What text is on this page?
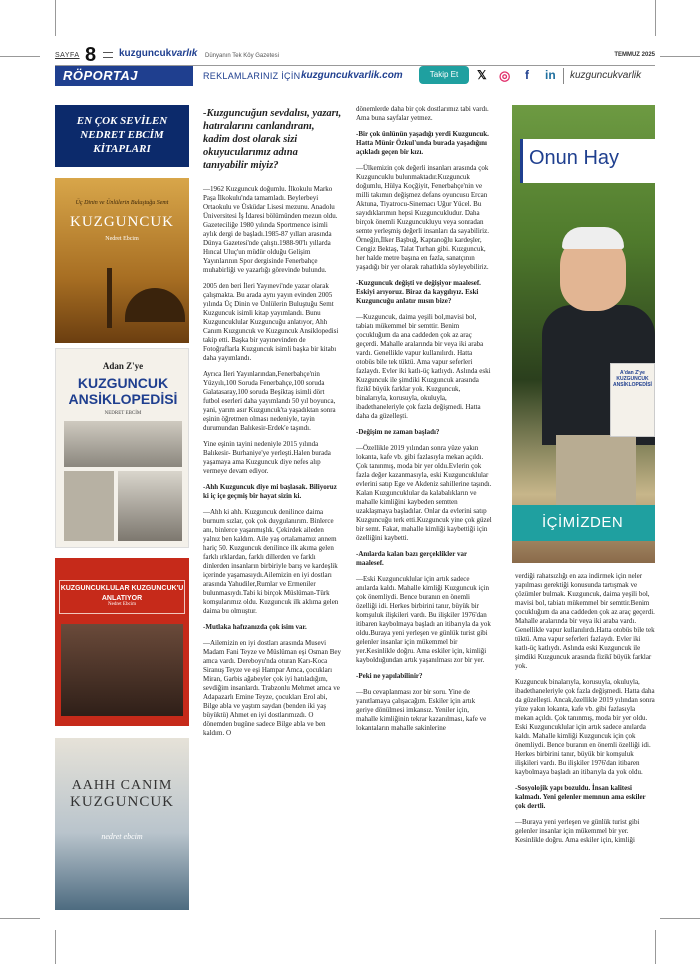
SAYFA 8 kuzguncukvarlık Dünyanın Tek Köy Gazetesi	TEMMUZ 2025
RÖPORTAJ	REKLAMLARINIZ İÇİN kuzguncukvarlik.com	Takip Et	𝕏 ◎ f in	kuzguncukvarlik
EN ÇOK SEVİLEN
NEDRET EBCİM
KİTAPLARI
Üç Dinin ve Ünlülerin Buluştuğu Semt
KUZGUNCUK
Nedret Ebcim
Adan Z'ye
KUZGUNCUK
ANSİKLOPEDİSİ
NEDRET EBCİM
KUZGUNCUKLULAR KUZGUNCUK'U ANLATIYOR
Nedret Ebcim
AAHH CANIM
KUZGUNCUK
nedret ebcim
-Kuzguncuğun sevdalısı, yazarı, hatıralarını canlandıranı, kadim dost olarak sizi okuyucularımız adına tanıyabilir miyiz?

—1962 Kuzguncuk doğumlu. İlkokulu Marko Paşa İlkokulu'nda tamamladı. Beylerbeyi Ortaokulu ve Üsküdar Lisesi mezunu. Anadolu Üniversitesi İş İdaresi bölümünden mezun oldu. Gazeteciliğe 1980 yılında Sportmence isimli aylık dergi de başladı.1985-87 yılları arasında Dünya Gazetesi'nde çalıştı.1988-90'lı yıllarda Hıncal Uluç'un müdür olduğu Gelişim Yayınlarının Spor dergisinde Fenerbahçe muhabirliği ve yazarlığı görevinde bulundu.

2005 den beri İleri Yayınevi'nde yazar olarak çalışmakta. Bu arada aynı yayın evinden 2005 yılında Üç Dinin ve Ünlülerin Buluştuğu Semt Kuzguncuk isimli kitap yayımlandı. Bunu Kuzguncuklular Kuzguncuğu anlatıyor, Ahh Canım Kuzguncuk ve Kuzguncuk Ansiklopedisi takip etti. Başka bir yayınevinden de Fotoğraflarla Kuzguncuk isimli başka bir kitabı daha yayımlandı.

Ayrıca İleri Yayınlarından,Fenerbahçe'nin Yüzyılı,100 Soruda Fenerbahçe,100 soruda Galatasaray,100 soruda Beşiktaş isimli dört futbol eserleri daha yayımlandı 50 yıl boyunca, yani, yarım asır Kuzguncuk'ta yaşadıktan sonra eşinin öğretmen olması nedeniyle, tayin durumundan Balıkesir-Erdek'e taşındı.

Yine eşinin tayini nedeniyle 2015 yılında Balıkesir- Burhaniye'ye yerleşti.Halen burada yaşamaya ama Kuzguncuk diye nefes alıp vermeye devam ediyor.

-Ahh Kuzguncuk diye mi başlasak. Biliyoruz ki iç içe geçmiş bir hayat sizin ki.

—Ahh ki ahh. Kuzguncuk denilince daima burnum sızlar, çok çok duygulanırım. Binlerce anı, binlerce yaşanmışlık. Çekirdek aileden yalnız ben kaldım. Aile yaş ortalamamız annem hariç 50. Kuzguncuk denilince ilk akıma gelen farklı ırklardan, farklı dillerden ve farklı dinlerden insanların birbiriyle barış ve kardeşlik içerinde yaşamasıydı.Ailemizin en iyi dostları arasında Yahudiler,Rumlar ve Ermeniler bulunmasıydı.Tabi ki birçok Müslüman-Türk komşularımız oldu. Kuzguncuk ilk aklıma gelen daima bu olmuştur.

-Mutlaka hafızanızda çok isim var.

—Ailemizin en iyi dostları arasında Musevi Madam Fani Teyze ve Müslüman eşi Osman Bey amca vardı. Dereboyu'nda oturan Karı-Koca Siranuş Teyze ve eşi Hampar Amca, çocukları Miran, Garbis ağabeyler çok iyi hatıladığım, sevdiğim insanlardı. Trabzonlu Mehmet amca ve Adapazarlı Emine Teyze, çocukları Erol abi, Bilge abla ve yaştım saydan (benden iki yaş büyüktü) Ahmet en iyi dostlarımızdı. O dönemden bugüne sadece Bilge abla ve ben kaldım. O

dönemlerde daha bir çok dostlarımız tabi vardı. Ama buna sayfalar yetmez.

-Bir çok ünlünün yaşadığı yerdi Kuzguncuk. Hatta Münir Özkul'unda burada yaşadığını açıkladı geçen bir kızı.

—Ülkemizin çok değerli insanları arasında çok Kuzguncuklu bulunmaktadır.Kuzguncuk doğumlu, Hülya Koçğiyit, Fenerbahçe'nin ve milli takımın değişmez defans oyuncusu Ercan Aktuna, Tiyatrocu-Sinemacı Uğur Yücel. Bu sayıdıklarımın hepsi Kuzguncukludur. Daha birçok önemli Kuzguncukluyu veya sonradan semte yerleşmiş değerli insanları da sayabiliriz. Örneğin,İlker Başbuğ, Kaptanoğlu kardeşler, Cengiz Bektaş, Talat Turhan gibi. Kuzguncuk, her halde metre başına en fazla, sanatçının yaşadığı bir yer olarak rahatlıkla söyleyebiliriz.

-Kuzguncuk değişti ve değişiyor maalesef. Eskiyi arıyoruz. Biraz da kaygılıyız. Eski Kuzguncuğu anlatır mısın bize?

—Kuzguncuk, daima yeşili bol,mavisi bol, tabiatı mükemmel bir semttir. Benim çocukluğum da ana caddeden çok az araç geçerdi. Mahalle aralarında bir veya iki araba vardı. Genellikle vapur kullanılırdı. Hatta otobüs bile tek tüktü. Ama vapur seferleri fazlaydı. Evler iki katlı-üç katlıydı. Aslında eski Kuzguncuk ile şimdiki Kuzguncuk arasında fizikî büyük farklar yok. Kuzguncuk, binalarıyla, korusuyla, okuluyla, ibadethaneleriyle çok fazla değişmedi. Hatta daha da güzelleşti.

-Değişim ne zaman başladı?

—Özellikle 2019 yılından sonra yüze yakın lokanta, kafe vb. gibi fazlasıyla mekan açıldı. Çok tanınmış, moda bir yer oldu.Evlerin çok fazla değer kazanmasıyla, eski Kuzguncuklular evlerini satıp Ege ve Akdeniz sahillerine taşındı. Kalan Kuzguncuklular da kalabalıkların ve mahalle kimliğini kaybeden semtten uzaklaşmaya başladılar. Onlar da evlerini satıp Kuzguncuğu terk etti.Kuzguncuk yine çok güzel bir semt. Fakat, mahalle kimliği kaybettiği için özelliğini kaybetti.

-Anılarda kalan bazı gerçeklikler var maalesef.

—Eski Kuzguncuklular için artık sadece anılarda kaldı. Mahalle kimliği Kuzguncuk için çok önemliydi. Bence buranın en önemli özelliği idi. Herkes birbirini tanır, büyük bir komşuluk ilişkileri vardı. Bu ilişkiler 1976'dan itibaren kaybolmaya başladı an itibarıyla da yok oldu.Buraya yeni yerleşen ve günlük turist gibi gelenler insanlar için mükemmel bir yer.Kesinlikle doğru. Ama eskiler için, kimliği kaybolduğundan artık yaşanılması zor bir yer.

-Peki ne yapılabilinir?

—Bu cevaplanması zor bir soru. Yine de yanıtlamaya çalışacağım. Eskiler için artık geriye dönülmesi imkansız. Yeniler için, mahalle kimliğinin tekrar kazanılması, kafe ve lokantaların mahalle sakinlerine

verdiği rahatsızlığı en aza indirmek için neler yapılması gerektiği konusunda tartışmak ve çözümler bulmak. Kuzguncuk, daima yeşili bol, mavisi bol, tabiatı mükemmel bir semttir.Benim çocukluğum da ana caddeden çok az araç geçerdi. Mahalle aralarında bir veya iki araba vardı. Genellikle vapur kullanılırdı.Hatta otobüs bile tek tüktü. Ama vapur seferleri fazlaydı. Evler iki katlı-üç katlıydı. Aslında eski Kuzguncuk ile şimdiki Kuzguncuk arasında fizikî büyük farklar yok.

Kuzguncuk binalarıyla, korusuyla, okuluyla, ibadethaneleriyle çok fazla değişmedi. Hatta daha da güzelleşti. Ancak,özellikle 2019 yılından sonra yüze yakın lokanta, kafe vb. gibi fazlasıyla mekan açıldı. Çok tanınmış, moda bir yer oldu. Eski Kuzguncuklular için artık sadece anılarda kaldı. Mahalle kimliği Kuzguncuk için çok önemliydi. Bence buranın en önemli özelliği idi. Herkes birbirini tanır, büyük bir komşuluk ilişkileri vardı. Bu ilişkiler 1976'dan itibaren kaybolmaya başladı an itibarıyla da yok oldu.

-Sosyolojik yapı bozuldu. İnsan kalitesi kalmadı. Yeni gelenler memnun ama eskiler çok dertli.

—Buraya yeni yerleşen ve günlük turist gibi gelenler insanlar için mükemmel bir yer. Kesinlikle doğru. Ama eskiler için, kimliği

Onun Hay
A'dan Z'ye KUZGUNCUK ANSİKLOPEDİSİ
İÇİMİZDEN
